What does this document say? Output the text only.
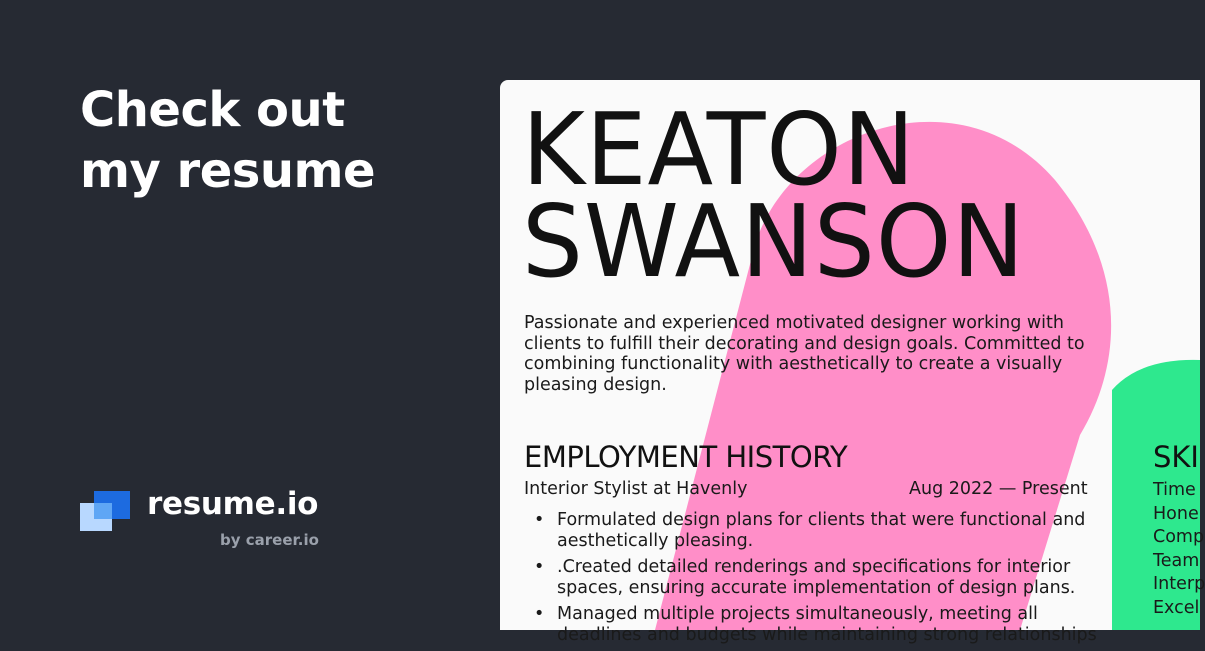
Check out
my resume
resume.io
by career.io
KEATON
SWANSON
Passionate and experienced motivated designer working with clients to fulfill their decorating and design goals. Committed to combining functionality with aesthetically to create a visually pleasing design.
EMPLOYMENT HISTORY
Interior Stylist at Havenly	Aug 2022 — Present
• Formulated design plans for clients that were functional and aesthetically pleasing.
• .Created detailed renderings and specifications for interior spaces, ensuring accurate implementation of design plans.
• Managed multiple projects simultaneously, meeting all deadlines and budgets while maintaining strong relationships
SKI
Time
Hone
Comp
Team
Interp
Excel
